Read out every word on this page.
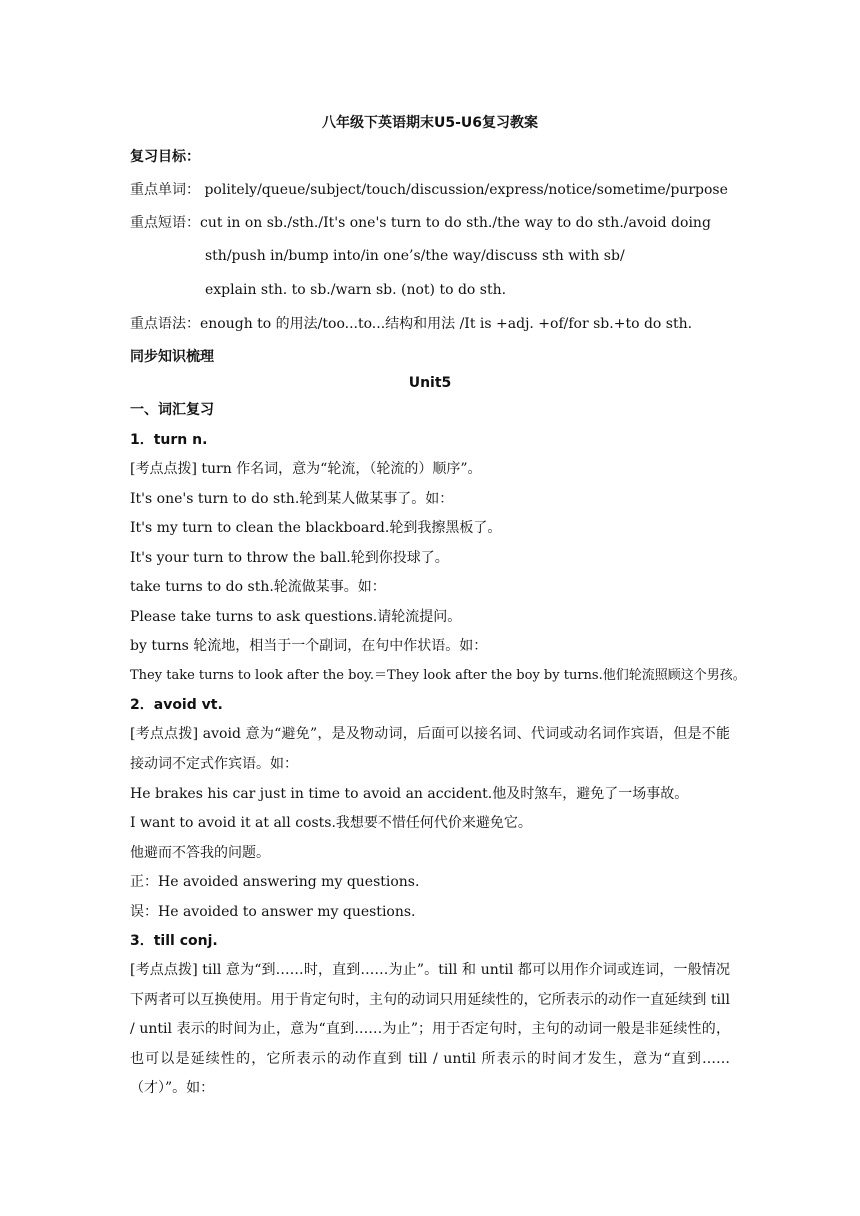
八年级下英语期末U5-U6复习教案
复习目标：
重点单词： politely/queue/subject/touch/discussion/express/notice/sometime/purpose
重点短语：cut in on sb./sth./It's one's turn to do sth./the way to do sth./avoid doing
sth/push in/bump into/in one’s/the way/discuss sth with sb/
explain sth. to sb./warn sb. (not) to do sth.
重点语法：enough to 的用法/too...to...结构和用法 /It is +adj. +of/for sb.+to do sth.
同步知识梳理
Unit5
一、词汇复习
1．turn n.
[考点点拨] turn 作名词，意为“轮流，（轮流的）顺序”。
It's one's turn to do sth.轮到某人做某事了。如：
It's my turn to clean the blackboard.轮到我擦黑板了。
It's your turn to throw the ball.轮到你投球了。
take turns to do sth.轮流做某事。如：
Please take turns to ask questions.请轮流提问。
by turns 轮流地，相当于一个副词，在句中作状语。如：
They take turns to look after the boy.＝They look after the boy by turns.他们轮流照顾这个男孩。
2．avoid vt.
[考点点拨] avoid 意为“避免”，是及物动词，后面可以接名词、代词或动名词作宾语，但是不能接动词不定式作宾语。如：
He brakes his car just in time to avoid an accident.他及时煞车，避免了一场事故。
I want to avoid it at all costs.我想要不惜任何代价来避免它。
他避而不答我的问题。
正：He avoided answering my questions.
误：He avoided to answer my questions.
3．till conj.
[考点点拨] till 意为“到……时，直到……为止”。till 和 until 都可以用作介词或连词，一般情况下两者可以互换使用。用于肯定句时，主句的动词只用延续性的，它所表示的动作一直延续到 till / until 表示的时间为止，意为“直到……为止”；用于否定句时，主句的动词一般是非延续性的，也可以是延续性的，它所表示的动作直到 till / until 所表示的时间才发生，意为“直到……（才）”。如：
